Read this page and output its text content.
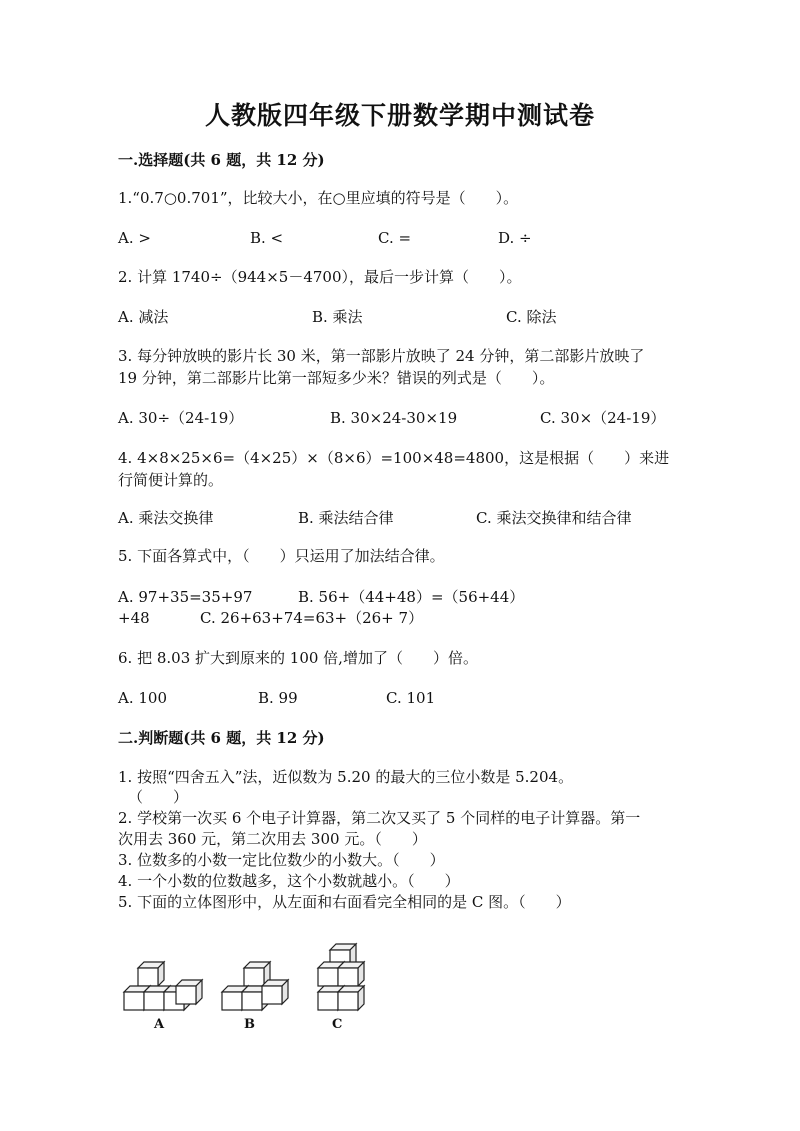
人教版四年级下册数学期中测试卷
一.选择题(共 6 题，共 12 分)
1.“0.7○0.701”，比较大小，在○里应填的符号是（　　）。
A. >	B. <	C. =	D. ÷
2. 计算 1740÷（944×5－4700），最后一步计算（　　）。
A. 减法	B. 乘法	C. 除法
3. 每分钟放映的影片长 30 米，第一部影片放映了 24 分钟，第二部影片放映了
19 分钟，第二部影片比第一部短多少米？错误的列式是（　　）。
A. 30÷（24-19）	B. 30×24-30×19	C. 30×（24-19）
4. 4×8×25×6=（4×25）×（8×6）=100×48=4800，这是根据（　　）来进
行简便计算的。
A. 乘法交换律	B. 乘法结合律	C. 乘法交换律和结合律
5. 下面各算式中，（　　）只运用了加法结合律。
A. 97+35=35+97	B. 56+（44+48）=（56+44）
+48	C. 26+63+74=63+（26+ 7）
6. 把 8.03 扩大到原来的 100 倍,增加了（　　）倍。
A. 100	B. 99	C. 101
二.判断题(共 6 题，共 12 分)
1. 按照“四舍五入”法，近似数为 5.20 的最大的三位小数是 5.204。
（　　）
2. 学校第一次买 6 个电子计算器，第二次又买了 5 个同样的电子计算器。第一
次用去 360 元，第二次用去 300 元。（　　）
3. 位数多的小数一定比位数少的小数大。（　　）
4. 一个小数的位数越多，这个小数就越小。（　　）
5. 下面的立体图形中，从左面和右面看完全相同的是 C 图。（　　）
A	B	C
